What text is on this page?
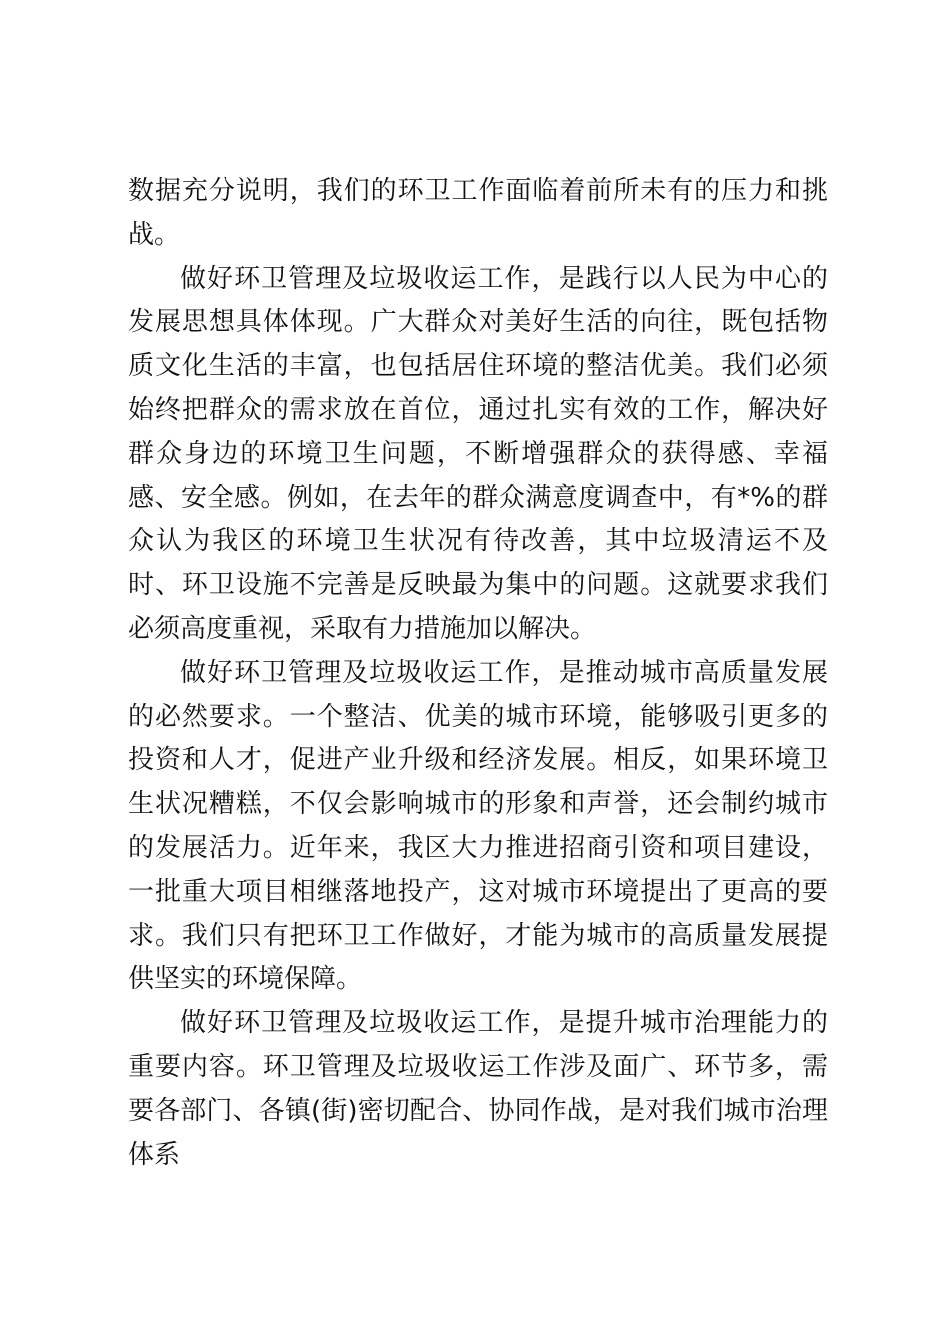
数据充分说明，我们的环卫工作面临着前所未有的压力和挑战。

做好环卫管理及垃圾收运工作，是践行以人民为中心的发展思想具体体现。广大群众对美好生活的向往，既包括物质文化生活的丰富，也包括居住环境的整洁优美。我们必须始终把群众的需求放在首位，通过扎实有效的工作，解决好群众身边的环境卫生问题，不断增强群众的获得感、幸福感、安全感。例如，在去年的群众满意度调查中，有*%的群众认为我区的环境卫生状况有待改善，其中垃圾清运不及时、环卫设施不完善是反映最为集中的问题。这就要求我们必须高度重视，采取有力措施加以解决。

做好环卫管理及垃圾收运工作，是推动城市高质量发展的必然要求。一个整洁、优美的城市环境，能够吸引更多的投资和人才，促进产业升级和经济发展。相反，如果环境卫生状况糟糕，不仅会影响城市的形象和声誉，还会制约城市的发展活力。近年来，我区大力推进招商引资和项目建设，一批重大项目相继落地投产，这对城市环境提出了更高的要求。我们只有把环卫工作做好，才能为城市的高质量发展提供坚实的环境保障。

做好环卫管理及垃圾收运工作，是提升城市治理能力的重要内容。环卫管理及垃圾收运工作涉及面广、环节多，需要各部门、各镇(街)密切配合、协同作战，是对我们城市治理体系
